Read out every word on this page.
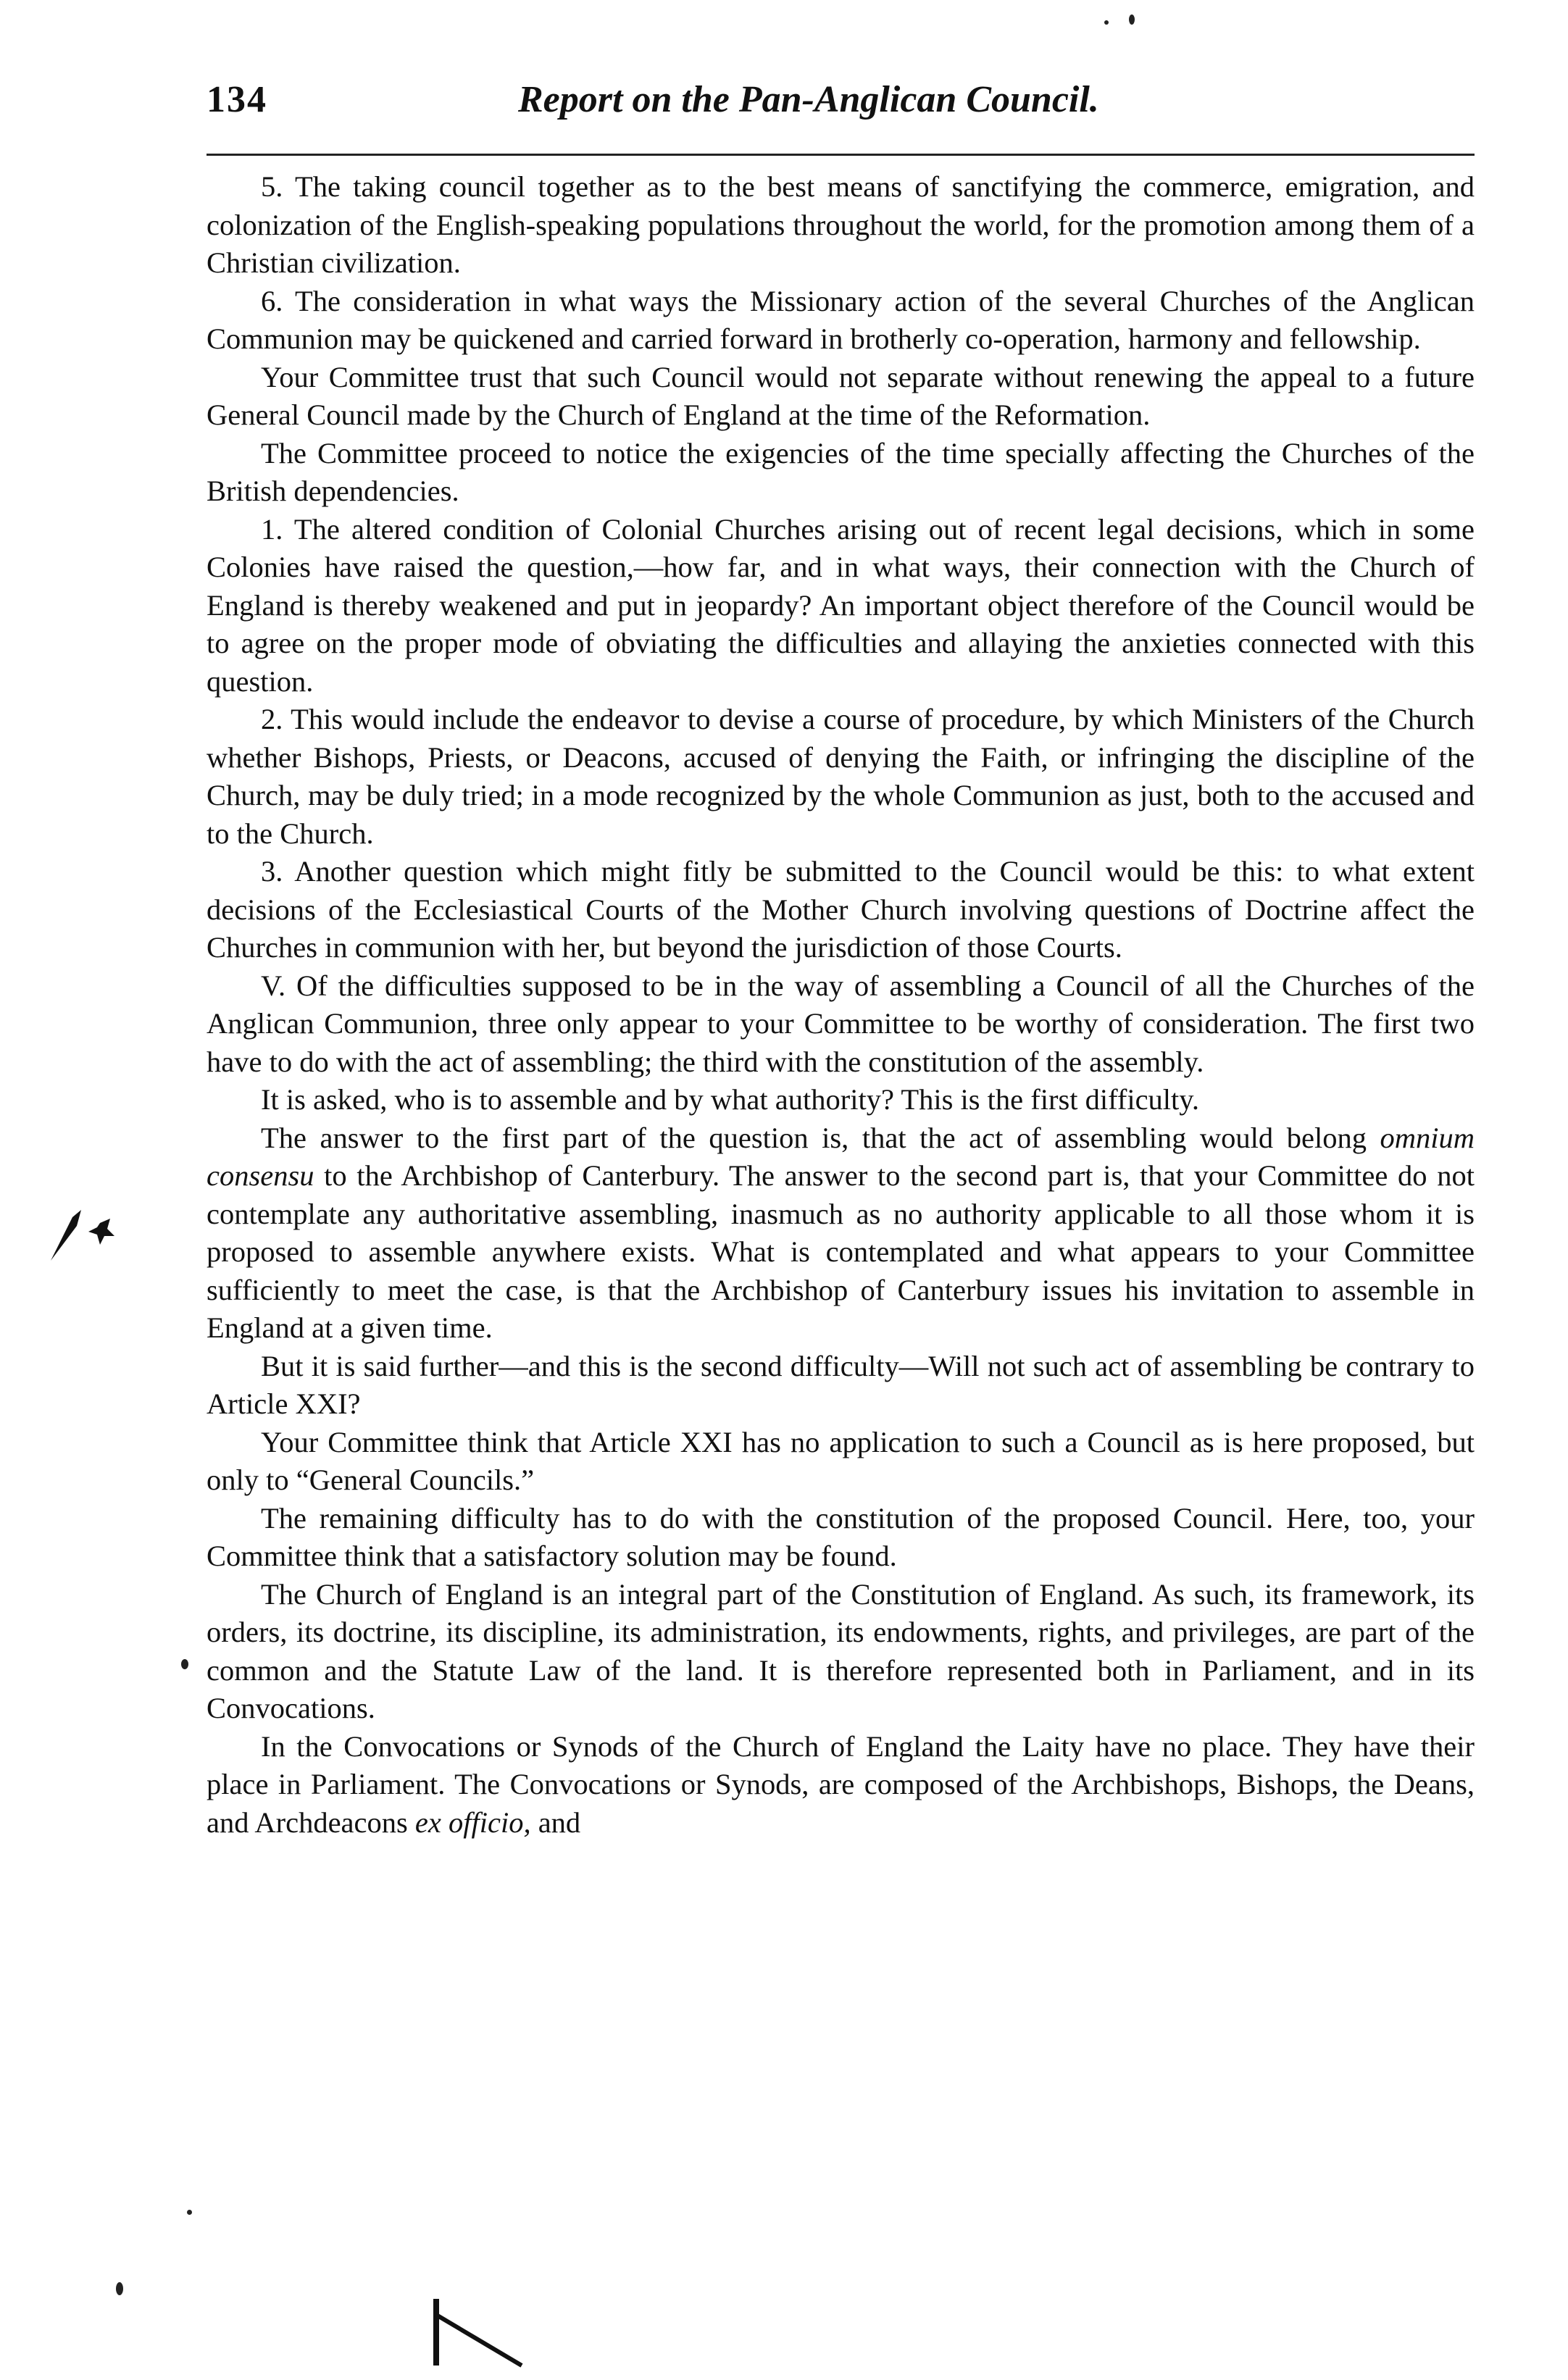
134	Report on the Pan-Anglican Council.

5. The taking council together as to the best means of sanctifying the commerce, emigration, and colonization of the English-speaking populations throughout the world, for the promotion among them of a Christian civilization.

6. The consideration in what ways the Missionary action of the several Churches of the Anglican Communion may be quickened and carried forward in brotherly co-operation, harmony and fellowship.

Your Committee trust that such Council would not separate without renewing the appeal to a future General Council made by the Church of England at the time of the Reformation.

The Committee proceed to notice the exigencies of the time specially affecting the Churches of the British dependencies.

1. The altered condition of Colonial Churches arising out of recent legal decisions, which in some Colonies have raised the question,—how far, and in what ways, their connection with the Church of England is thereby weakened and put in jeopardy? An important object therefore of the Council would be to agree on the proper mode of obviating the difficulties and allaying the anxieties connected with this question.

2. This would include the endeavor to devise a course of procedure, by which Ministers of the Church whether Bishops, Priests, or Deacons, accused of denying the Faith, or infringing the discipline of the Church, may be duly tried; in a mode recognized by the whole Communion as just, both to the accused and to the Church.

3. Another question which might fitly be submitted to the Council would be this: to what extent decisions of the Ecclesiastical Courts of the Mother Church involving questions of Doctrine affect the Churches in communion with her, but beyond the jurisdiction of those Courts.

V. Of the difficulties supposed to be in the way of assembling a Council of all the Churches of the Anglican Communion, three only appear to your Committee to be worthy of consideration. The first two have to do with the act of assembling; the third with the constitution of the assembly.

It is asked, who is to assemble and by what authority? This is the first difficulty.

The answer to the first part of the question is, that the act of assembling would belong omnium consensu to the Archbishop of Canterbury. The answer to the second part is, that your Committee do not contemplate any authoritative assembling, inasmuch as no authority applicable to all those whom it is proposed to assemble anywhere exists. What is contemplated and what appears to your Committee sufficiently to meet the case, is that the Archbishop of Canterbury issues his invitation to assemble in England at a given time.

But it is said further—and this is the second difficulty—Will not such act of assembling be contrary to Article XXI?

Your Committee think that Article XXI has no application to such a Council as is here proposed, but only to “General Councils.”

The remaining difficulty has to do with the constitution of the proposed Council. Here, too, your Committee think that a satisfactory solution may be found.

The Church of England is an integral part of the Constitution of England. As such, its framework, its orders, its doctrine, its discipline, its administration, its endowments, rights, and privileges, are part of the common and the Statute Law of the land. It is therefore represented both in Parliament, and in its Convocations.

In the Convocations or Synods of the Church of England the Laity have no place. They have their place in Parliament. The Convocations or Synods, are composed of the Archbishops, Bishops, the Deans, and Archdeacons ex officio, and
